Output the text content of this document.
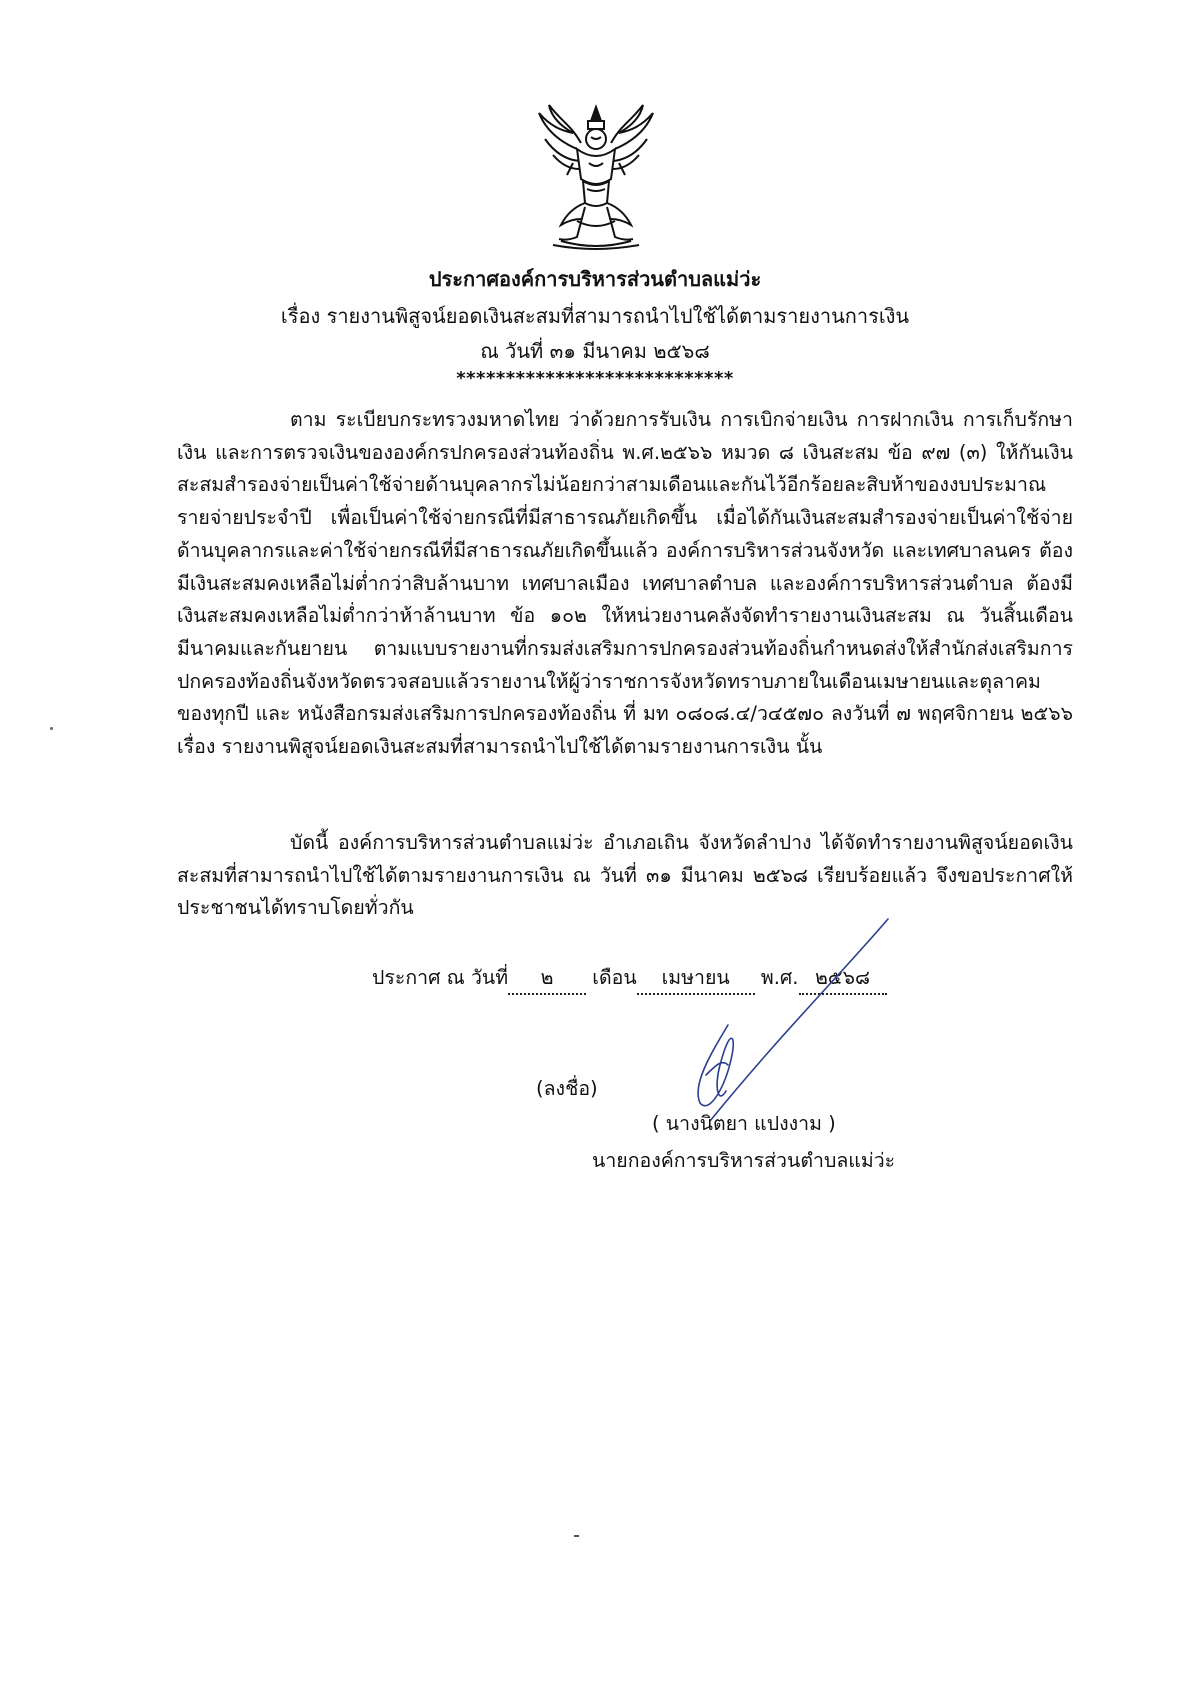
ประกาศองค์การบริหารส่วนตำบลแม่ว่ะ
เรื่อง รายงานพิสูจน์ยอดเงินสะสมที่สามารถนำไปใช้ได้ตามรายงานการเงิน
ณ วันที่ ๓๑ มีนาคม ๒๕๖๘
****************************

ตาม ระเบียบกระทรวงมหาดไทย ว่าด้วยการรับเงิน การเบิกจ่ายเงิน การฝากเงิน การเก็บรักษาเงิน และการตรวจเงินขององค์กรปกครองส่วนท้องถิ่น พ.ศ.๒๕๖๖ หมวด ๘ เงินสะสม ข้อ ๙๗ (๓) ให้กันเงินสะสมสำรองจ่ายเป็นค่าใช้จ่ายด้านบุคลากรไม่น้อยกว่าสามเดือนและกันไว้อีกร้อยละสิบห้าของงบประมาณรายจ่ายประจำปี เพื่อเป็นค่าใช้จ่ายกรณีที่มีสาธารณภัยเกิดขึ้น เมื่อได้กันเงินสะสมสำรองจ่ายเป็นค่าใช้จ่ายด้านบุคลากรและค่าใช้จ่ายกรณีที่มีสาธารณภัยเกิดขึ้นแล้ว องค์การบริหารส่วนจังหวัด และเทศบาลนคร ต้องมีเงินสะสมคงเหลือไม่ต่ำกว่าสิบล้านบาท เทศบาลเมือง เทศบาลตำบล และองค์การบริหารส่วนตำบล ต้องมีเงินสะสมคงเหลือไม่ต่ำกว่าห้าล้านบาท ข้อ ๑๐๒ ให้หน่วยงานคลังจัดทำรายงานเงินสะสม ณ วันสิ้นเดือนมีนาคมและกันยายน ตามแบบรายงานที่กรมส่งเสริมการปกครองส่วนท้องถิ่นกำหนดส่งให้สำนักส่งเสริมการปกครองท้องถิ่นจังหวัดตรวจสอบแล้วรายงานให้ผู้ว่าราชการจังหวัดทราบภายในเดือนเมษายนและตุลาคมของทุกปี และ หนังสือกรมส่งเสริมการปกครองท้องถิ่น ที่ มท ๐๘๐๘.๔/ว๔๕๗๐ ลงวันที่ ๗ พฤศจิกายน ๒๕๖๖ เรื่อง รายงานพิสูจน์ยอดเงินสะสมที่สามารถนำไปใช้ได้ตามรายงานการเงิน นั้น

บัดนี้ องค์การบริหารส่วนตำบลแม่ว่ะ อำเภอเถิน จังหวัดลำปาง ได้จัดทำรายงานพิสูจน์ยอดเงินสะสมที่สามารถนำไปใช้ได้ตามรายงานการเงิน ณ วันที่ ๓๑ มีนาคม ๒๕๖๘ เรียบร้อยแล้ว จึงขอประกาศให้ประชาชนได้ทราบโดยทั่วกัน

ประกาศ ณ วันที่ ๒ เดือน เมษายน พ.ศ. ๒๕๖๘
(ลงชื่อ)
( นางนิตยา แปงงาม )
นายกองค์การบริหารส่วนตำบลแม่ว่ะ
